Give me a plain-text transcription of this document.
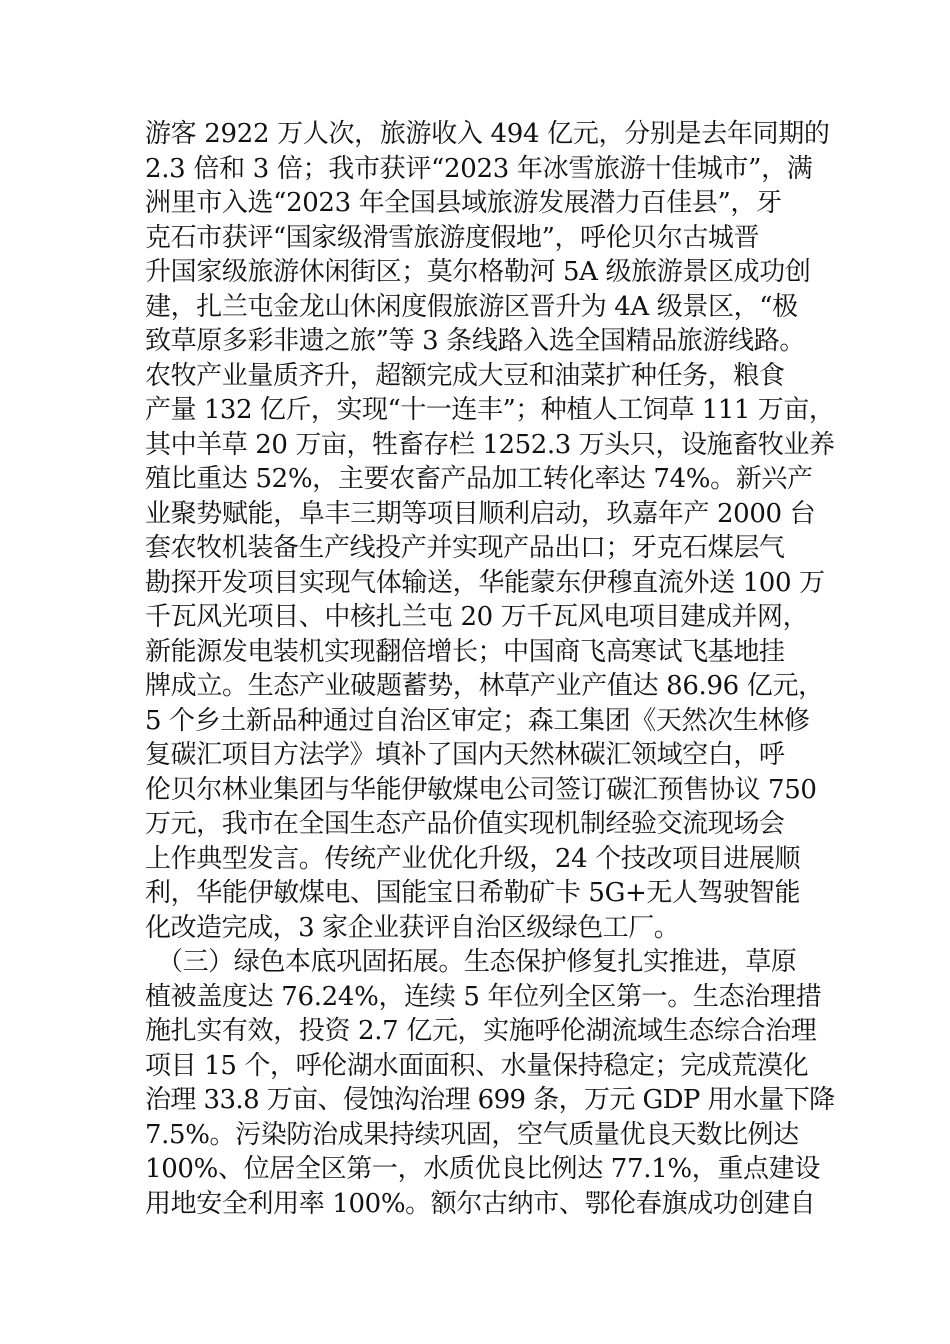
游客 2922 万人次，旅游收入 494 亿元，分别是去年同期的
2.3 倍和 3 倍；我市获评“2023 年冰雪旅游十佳城市”，满
洲里市入选“2023 年全国县域旅游发展潜力百佳县”，牙
克石市获评“国家级滑雪旅游度假地”，呼伦贝尔古城晋
升国家级旅游休闲街区；莫尔格勒河 5A 级旅游景区成功创
建，扎兰屯金龙山休闲度假旅游区晋升为 4A 级景区，“极
致草原多彩非遗之旅”等 3 条线路入选全国精品旅游线路。
农牧产业量质齐升，超额完成大豆和油菜扩种任务，粮食
产量 132 亿斤，实现“十一连丰”；种植人工饲草 111 万亩，
其中羊草 20 万亩，牲畜存栏 1252.3 万头只，设施畜牧业养
殖比重达 52%，主要农畜产品加工转化率达 74%。新兴产
业聚势赋能，阜丰三期等项目顺利启动，玖嘉年产 2000 台
套农牧机装备生产线投产并实现产品出口；牙克石煤层气
勘探开发项目实现气体输送，华能蒙东伊穆直流外送 100 万
千瓦风光项目、中核扎兰屯 20 万千瓦风电项目建成并网，
新能源发电装机实现翻倍增长；中国商飞高寒试飞基地挂
牌成立。生态产业破题蓄势，林草产业产值达 86.96 亿元，
5 个乡土新品种通过自治区审定；森工集团《天然次生林修
复碳汇项目方法学》填补了国内天然林碳汇领域空白，呼
伦贝尔林业集团与华能伊敏煤电公司签订碳汇预售协议 750
万元，我市在全国生态产品价值实现机制经验交流现场会
上作典型发言。传统产业优化升级，24 个技改项目进展顺
利，华能伊敏煤电、国能宝日希勒矿卡 5G+无人驾驶智能
化改造完成，3 家企业获评自治区级绿色工厂。
（三）绿色本底巩固拓展。生态保护修复扎实推进，草原
植被盖度达 76.24%，连续 5 年位列全区第一。生态治理措
施扎实有效，投资 2.7 亿元，实施呼伦湖流域生态综合治理
项目 15 个，呼伦湖水面面积、水量保持稳定；完成荒漠化
治理 33.8 万亩、侵蚀沟治理 699 条，万元 GDP 用水量下降
7.5%。污染防治成果持续巩固，空气质量优良天数比例达
100%、位居全区第一，水质优良比例达 77.1%，重点建设
用地安全利用率 100%。额尔古纳市、鄂伦春旗成功创建自
